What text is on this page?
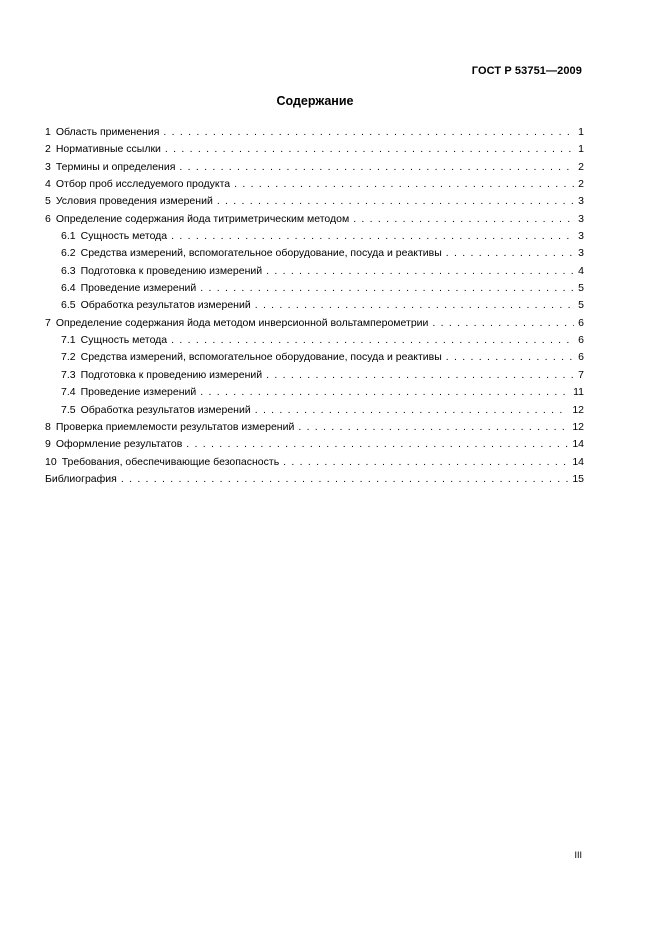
ГОСТ Р 53751—2009
Содержание
1 Область применения . . .	1
2 Нормативные ссылки . . .	1
3 Термины и определения . . .	2
4 Отбор проб исследуемого продукта . . .	2
5 Условия проведения измерений . . .	3
6 Определение содержания йода титриметрическим методом . . .	3
6.1 Сущность метода . . .	3
6.2 Средства измерений, вспомогательное оборудование, посуда и реактивы . . .	3
6.3 Подготовка к проведению измерений . . .	4
6.4 Проведение измерений . . .	5
6.5 Обработка результатов измерений . . .	5
7 Определение содержания йода методом инверсионной вольтамперометрии . . .	6
7.1 Сущность метода . . .	6
7.2 Средства измерений, вспомогательное оборудование, посуда и реактивы . . .	6
7.3 Подготовка к проведению измерений . . .	7
7.4 Проведение измерений . . .	11
7.5 Обработка результатов измерений . . .	12
8 Проверка приемлемости результатов измерений . . .	12
9 Оформление результатов . . .	14
10 Требования, обеспечивающие безопасность . . .	14
Библиография . . .	15
III
